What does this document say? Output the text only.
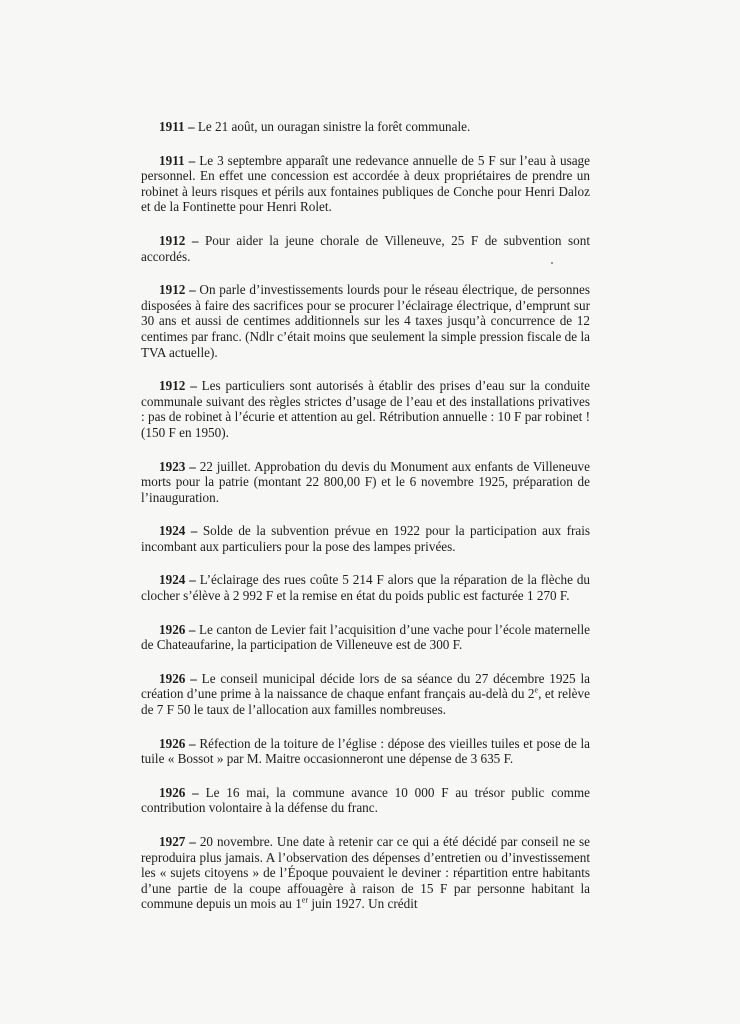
1911 – Le 21 août, un ouragan sinistre la forêt communale.

1911 – Le 3 septembre apparaît une redevance annuelle de 5 F sur l’eau à usage personnel. En effet une concession est accordée à deux propriétaires de prendre un robinet à leurs risques et périls aux fontaines publiques de Conche pour Henri Daloz et de la Fontinette pour Henri Rolet.

1912 – Pour aider la jeune chorale de Villeneuve, 25 F de subvention sont accordés.

1912 – On parle d’investissements lourds pour le réseau électrique, de personnes disposées à faire des sacrifices pour se procurer l’éclairage électrique, d’emprunt sur 30 ans et aussi de centimes additionnels sur les 4 taxes jusqu’à concurrence de 12 centimes par franc. (Ndlr c’était moins que seulement la simple pression fiscale de la TVA actuelle).

1912 – Les particuliers sont autorisés à établir des prises d’eau sur la conduite communale suivant des règles strictes d’usage de l’eau et des installations privatives : pas de robinet à l’écurie et attention au gel. Rétribution annuelle : 10 F par robinet ! (150 F en 1950).

1923 – 22 juillet. Approbation du devis du Monument aux enfants de Villeneuve morts pour la patrie (montant 22 800,00 F) et le 6 novembre 1925, préparation de l’inauguration.

1924 – Solde de la subvention prévue en 1922 pour la participation aux frais incombant aux particuliers pour la pose des lampes privées.

1924 – L’éclairage des rues coûte 5 214 F alors que la réparation de la flèche du clocher s’élève à 2 992 F et la remise en état du poids public est facturée 1 270 F.

1926 – Le canton de Levier fait l’acquisition d’une vache pour l’école maternelle de Chateaufarine, la participation de Villeneuve est de 300 F.

1926 – Le conseil municipal décide lors de sa séance du 27 décembre 1925 la création d’une prime à la naissance de chaque enfant français au-delà du 2e, et relève de 7 F 50 le taux de l’allocation aux familles nombreuses.

1926 – Réfection de la toiture de l’église : dépose des vieilles tuiles et pose de la tuile « Bossot » par M. Maitre occasionneront une dépense de 3 635 F.

1926 – Le 16 mai, la commune avance 10 000 F au trésor public comme contribution volontaire à la défense du franc.

1927 – 20 novembre. Une date à retenir car ce qui a été décidé par conseil ne se reproduira plus jamais. A l’observation des dépenses d’entretien ou d’investissement les « sujets citoyens » de l’Époque pouvaient le deviner : répartition entre habitants d’une partie de la coupe affouagère à raison de 15 F par personne habitant la commune depuis un mois au 1er juin 1927. Un crédit
